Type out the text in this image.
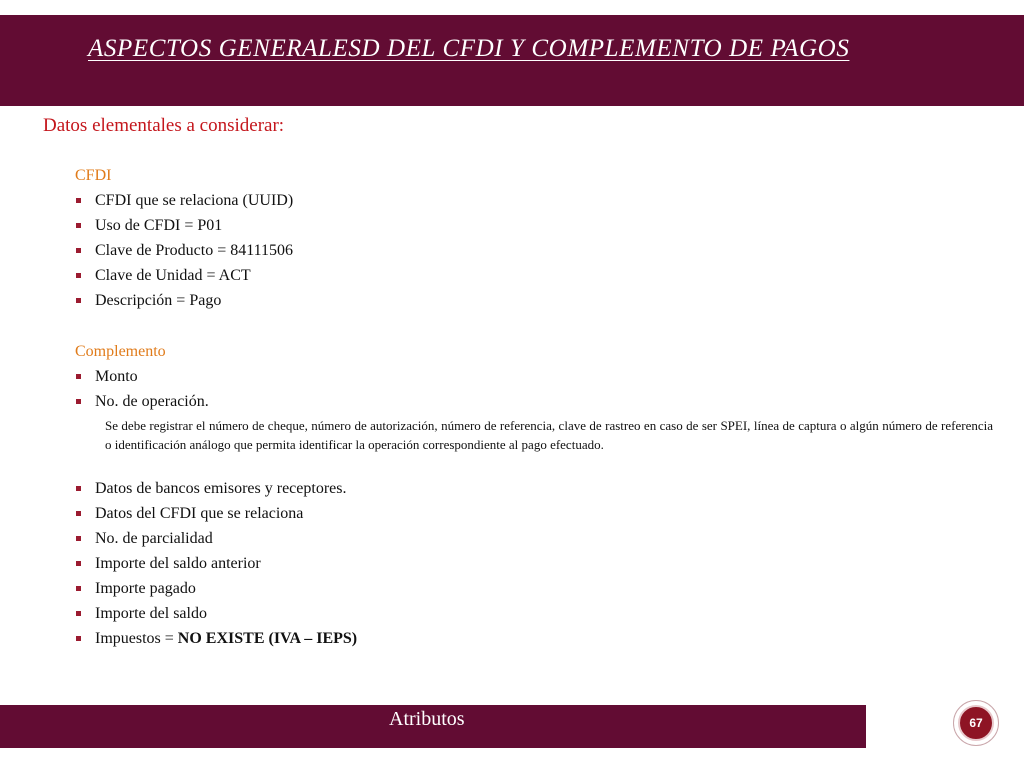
ASPECTOS GENERALESD DEL CFDI Y COMPLEMENTO DE PAGOS
Datos elementales a considerar:
CFDI
CFDI que se relaciona (UUID)
Uso de CFDI = P01
Clave de Producto = 84111506
Clave de Unidad = ACT
Descripción = Pago
Complemento
Monto
No. de operación.
Se debe registrar el número de cheque, número de autorización, número de referencia, clave de rastreo en caso de ser SPEI, línea de captura o algún número de referencia o identificación análogo que permita identificar la operación correspondiente al pago efectuado.
Datos de bancos emisores y receptores.
Datos del CFDI que se relaciona
No. de parcialidad
Importe del saldo anterior
Importe pagado
Importe del saldo
Impuestos = NO EXISTE (IVA – IEPS)
Atributos	67
